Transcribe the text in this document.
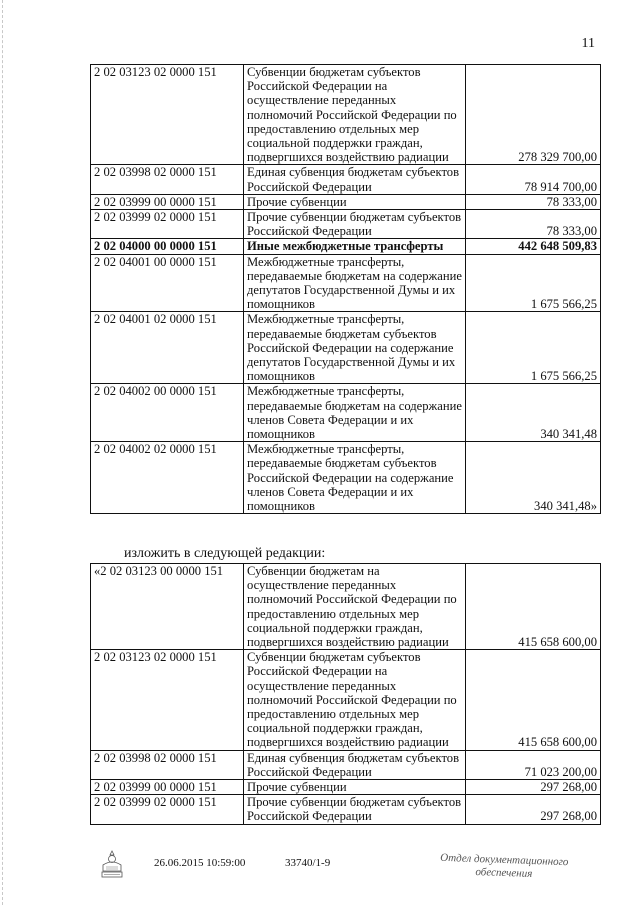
11
2 02 03123 02 0000 151	Субвенции бюджетам субъектов Российской Федерации на осуществление переданных полномочий Российской Федерации по предоставлению отдельных мер социальной поддержки граждан, подвергшихся воздействию радиации	278 329 700,00
2 02 03998 02 0000 151	Единая субвенция бюджетам субъектов Российской Федерации	78 914 700,00
2 02 03999 00 0000 151	Прочие субвенции	78 333,00
2 02 03999 02 0000 151	Прочие субвенции бюджетам субъектов Российской Федерации	78 333,00
2 02 04000 00 0000 151	Иные межбюджетные трансферты	442 648 509,83
2 02 04001 00 0000 151	Межбюджетные трансферты, передаваемые бюджетам на содержание депутатов Государственной Думы и их помощников	1 675 566,25
2 02 04001 02 0000 151	Межбюджетные трансферты, передаваемые бюджетам субъектов Российской Федерации на содержание депутатов Государственной Думы и их помощников	1 675 566,25
2 02 04002 00 0000 151	Межбюджетные трансферты, передаваемые бюджетам на содержание членов Совета Федерации и их помощников	340 341,48
2 02 04002 02 0000 151	Межбюджетные трансферты, передаваемые бюджетам субъектов Российской Федерации на содержание членов Совета Федерации и их помощников	340 341,48»
изложить в следующей редакции:
«2 02 03123 00 0000 151	Субвенции бюджетам на осуществление переданных полномочий Российской Федерации по предоставлению отдельных мер социальной поддержки граждан, подвергшихся воздействию радиации	415 658 600,00
2 02 03123 02 0000 151	Субвенции бюджетам субъектов Российской Федерации на осуществление переданных полномочий Российской Федерации по предоставлению отдельных мер социальной поддержки граждан, подвергшихся воздействию радиации	415 658 600,00
2 02 03998 02 0000 151	Единая субвенция бюджетам субъектов Российской Федерации	71 023 200,00
2 02 03999 00 0000 151	Прочие субвенции	297 268,00
2 02 03999 02 0000 151	Прочие субвенции бюджетам субъектов Российской Федерации	297 268,00
26.06.2015 10:59:00	33740/1-9	Отдел документационного
обеспечения
